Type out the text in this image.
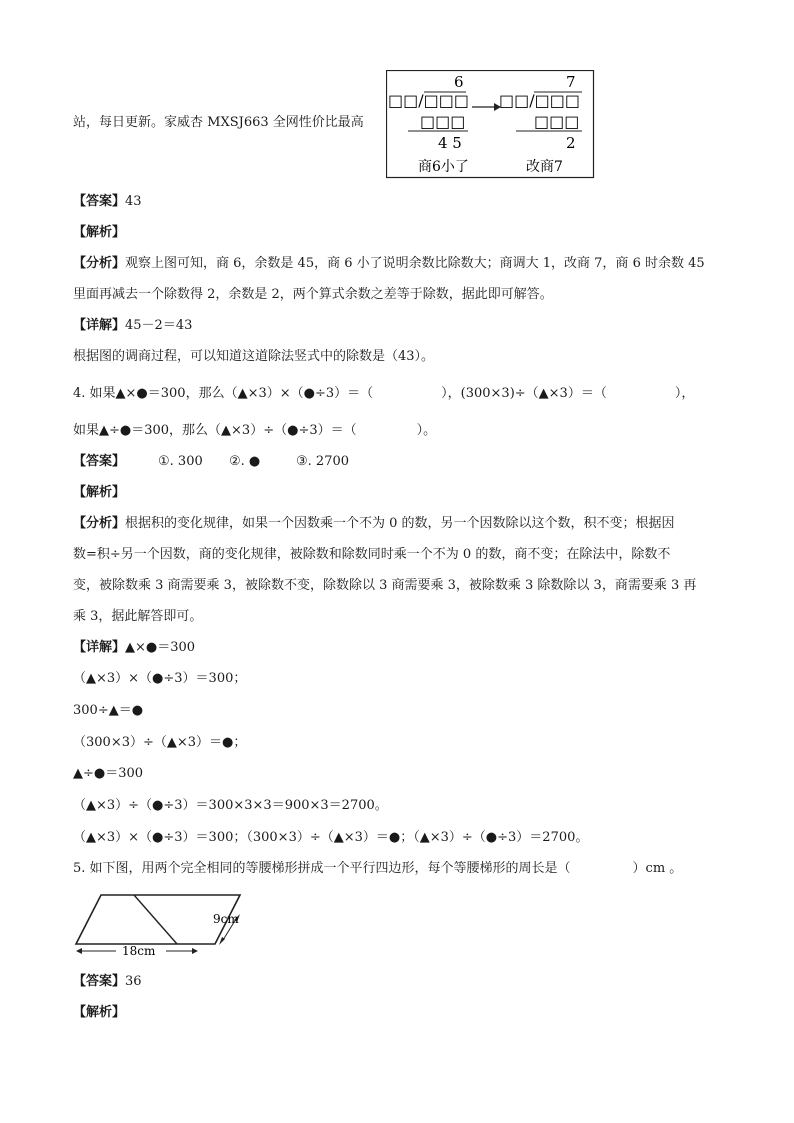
站，每日更新。家威杏 MXSJ663 全网性价比最高
6
□□/□□□
□□□
4 5
7
□□/□□□
□□□
2
商6小了	改商7
【答案】43
【解析】
【分析】观察上图可知，商 6，余数是 45，商 6 小了说明余数比除数大；商调大 1，改商 7，商 6 时余数 45
里面再减去一个除数得 2，余数是 2，两个算式余数之差等于除数，据此即可解答。
【详解】45－2＝43
根据图的调商过程，可以知道这道除法竖式中的除数是（43）。
4. 如果▲×●＝300，那么（▲×3）×（●÷3）＝（	），(300×3)÷（▲×3）＝（	），
如果▲÷●＝300，那么（▲×3）÷（●÷3）＝（	）。
【答案】	①. 300 ②. ●	③. 2700
【解析】
【分析】根据积的变化规律，如果一个因数乘一个不为 0 的数，另一个因数除以这个数，积不变；根据因
数=积÷另一个因数，商的变化规律，被除数和除数同时乘一个不为 0 的数，商不变；在除法中，除数不
变，被除数乘 3 商需要乘 3，被除数不变，除数除以 3 商需要乘 3，被除数乘 3 除数除以 3，商需要乘 3 再
乘 3，据此解答即可。
【详解】▲×●＝300
（▲×3）×（●÷3）＝300；
300÷▲＝●
（300×3）÷（▲×3）＝●；
▲÷●＝300
（▲×3）÷（●÷3）＝300×3×3＝900×3＝2700。
（▲×3）×（●÷3）＝300；（300×3）÷（▲×3）＝●；（▲×3）÷（●÷3）＝2700。
5. 如下图，用两个完全相同的等腰梯形拼成一个平行四边形，每个等腰梯形的周长是（	）cm 。
9cm
18cm
【答案】36
【解析】
